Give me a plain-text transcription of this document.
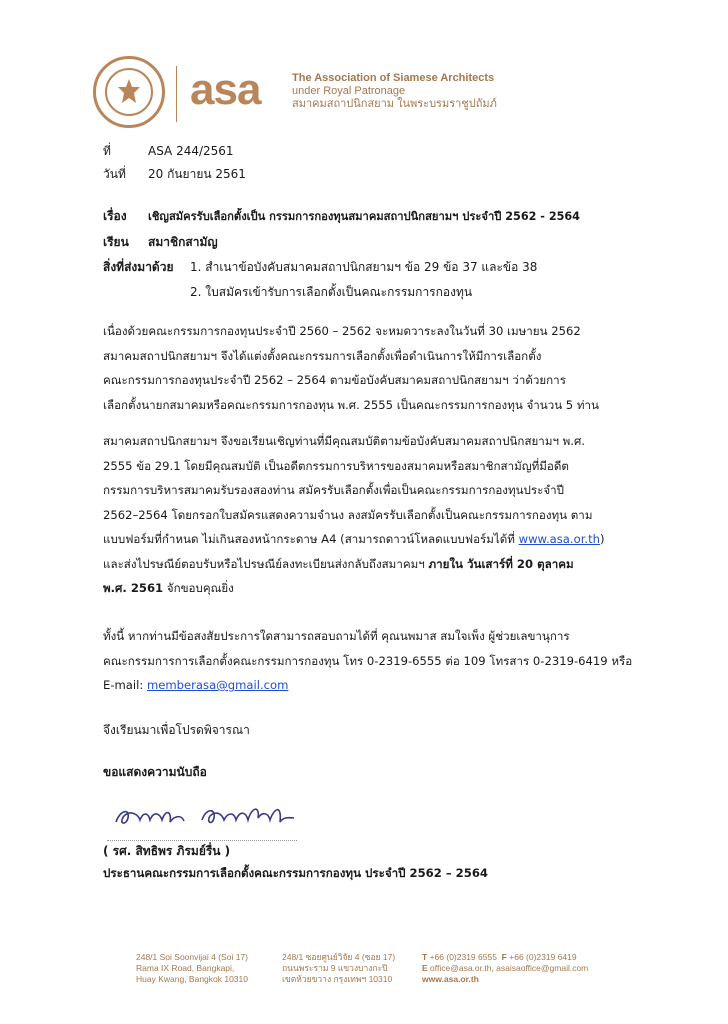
asa	The Association of Siamese Architects
under Royal Patronage
สมาคมสถาปนิกสยาม ในพระบรมราชูปถัมภ์
ที่	ASA 244/2561
วันที่ 20 กันยายน 2561
เรื่อง เชิญสมัครรับเลือกตั้งเป็น กรรมการกองทุนสมาคมสถาปนิกสยามฯ ประจำปี 2562 - 2564
เรียน สมาชิกสามัญ
สิ่งที่ส่งมาด้วย 1. สำเนาข้อบังคับสมาคมสถาปนิกสยามฯ ข้อ 29 ข้อ 37 และข้อ 38
2. ใบสมัครเข้ารับการเลือกตั้งเป็นคณะกรรมการกองทุน
เนื่องด้วยคณะกรรมการกองทุนประจำปี 2560 – 2562 จะหมดวาระลงในวันที่ 30 เมษายน 2562
สมาคมสถาปนิกสยามฯ จึงได้แต่งตั้งคณะกรรมการเลือกตั้งเพื่อดำเนินการให้มีการเลือกตั้ง
คณะกรรมการกองทุนประจำปี 2562 – 2564 ตามข้อบังคับสมาคมสถาปนิกสยามฯ ว่าด้วยการ
เลือกตั้งนายกสมาคมหรือคณะกรรมการกองทุน พ.ศ. 2555 เป็นคณะกรรมการกองทุน จำนวน 5 ท่าน
สมาคมสถาปนิกสยามฯ จึงขอเรียนเชิญท่านที่มีคุณสมบัติตามข้อบังคับสมาคมสถาปนิกสยามฯ พ.ศ.
2555 ข้อ 29.1 โดยมีคุณสมบัติ เป็นอดีตกรรมการบริหารของสมาคมหรือสมาชิกสามัญที่มีอดีต
กรรมการบริหารสมาคมรับรองสองท่าน สมัครรับเลือกตั้งเพื่อเป็นคณะกรรมการกองทุนประจำปี
2562–2564 โดยกรอกใบสมัครแสดงความจำนง ลงสมัครรับเลือกตั้งเป็นคณะกรรมการกองทุน ตาม
แบบฟอร์มที่กำหนด ไม่เกินสองหน้ากระดาษ A4 (สามารถดาวน์โหลดแบบฟอร์มได้ที่ www.asa.or.th)
และส่งไปรษณีย์ตอบรับหรือไปรษณีย์ลงทะเบียนส่งกลับถึงสมาคมฯ ภายใน วันเสาร์ที่ 20 ตุลาคม
พ.ศ. 2561 จักขอบคุณยิ่ง
ทั้งนี้ หากท่านมีข้อสงสัยประการใดสามารถสอบถามได้ที่ คุณนพมาส สมใจเพ็ง ผู้ช่วยเลขานุการ
คณะกรรมการการเลือกตั้งคณะกรรมการกองทุน โทร 0-2319-6555 ต่อ 109 โทรสาร 0-2319-6419 หรือ
E-mail: memberasa@gmail.com
จึงเรียนมาเพื่อโปรดพิจารณา
ขอแสดงความนับถือ
( รศ. สิทธิพร ภิรมย์รื่น )
ประธานคณะกรรมการเลือกตั้งคณะกรรมการกองทุน ประจำปี 2562 – 2564
248/1 Soi Soonvijai 4 (Soi 17)
Rama IX Road, Bangkapi,
Huay Kwang, Bangkok 10310
248/1 ซอยศูนย์วิจัย 4 (ซอย 17)
ถนนพระราม 9 แขวงบางกะปิ
เขตห้วยขวาง กรุงเทพฯ 10310
T +66 (0)2319 6555 F +66 (0)2319 6419
E office@asa.or.th, asaisaoffice@gmail.com
www.asa.or.th
